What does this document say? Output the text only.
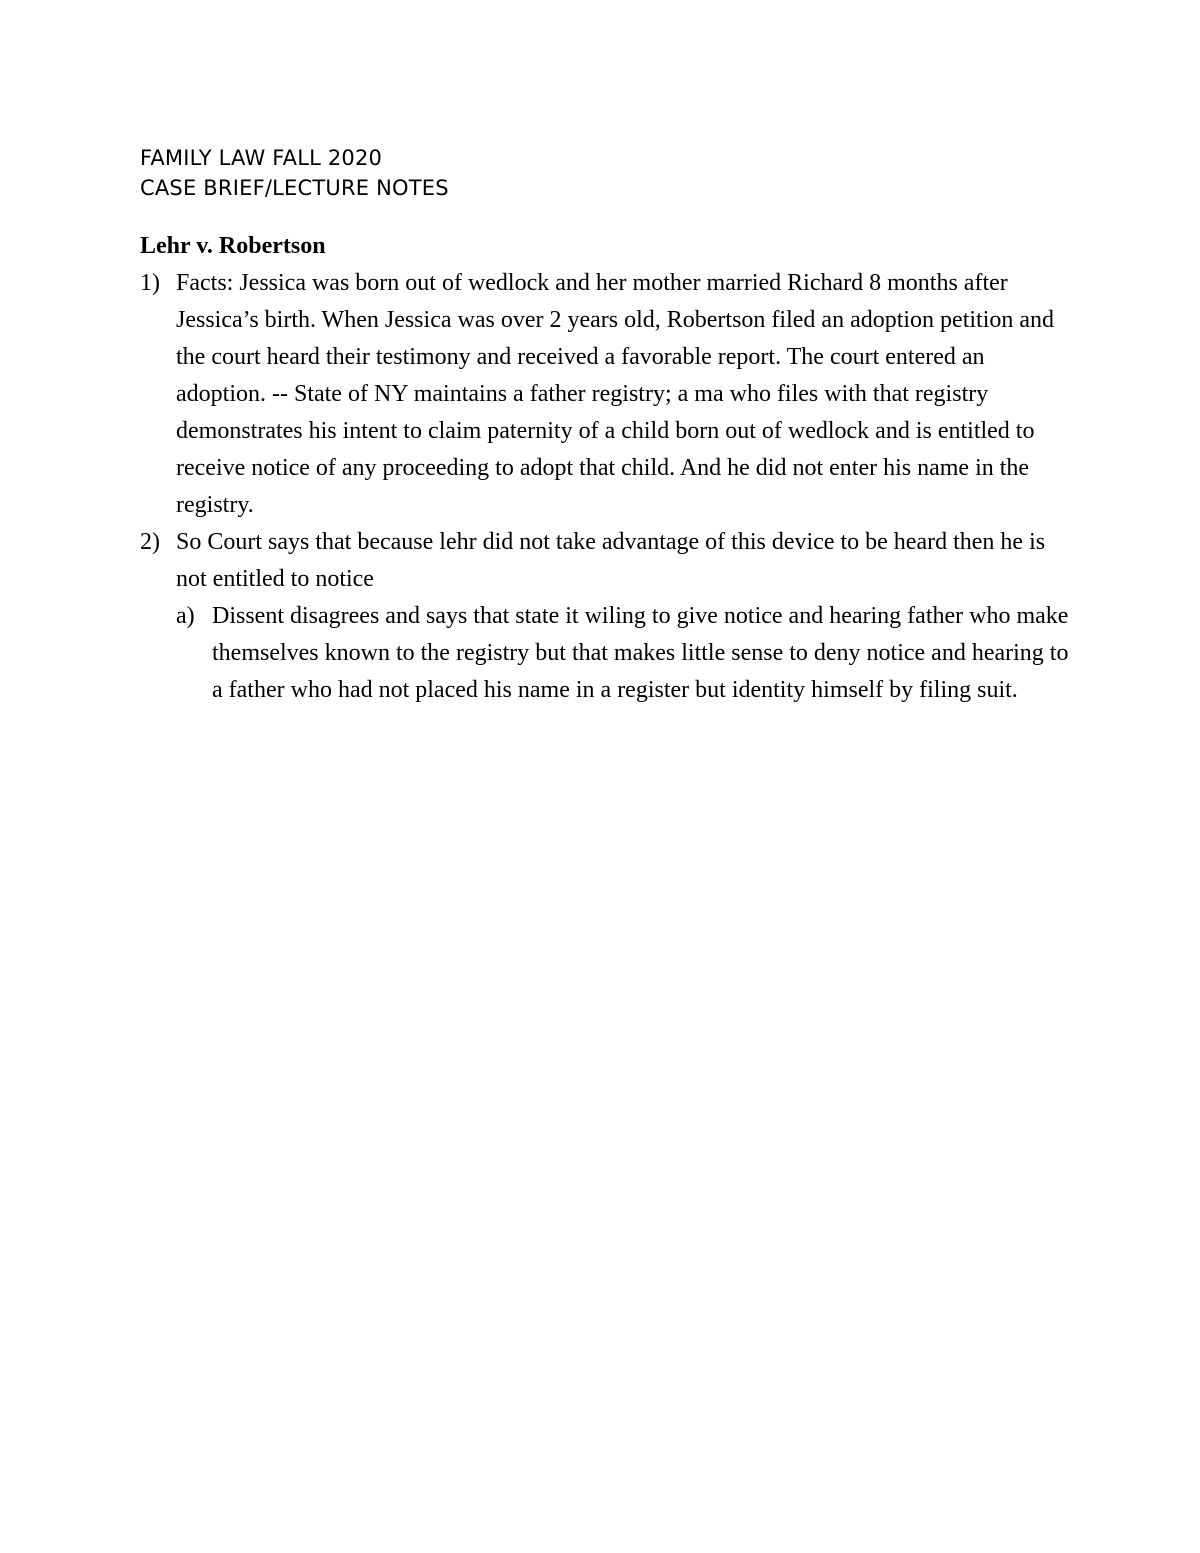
FAMILY LAW FALL 2020
CASE BRIEF/LECTURE NOTES
Lehr v. Robertson
1) Facts: Jessica was born out of wedlock and her mother married Richard 8 months after Jessica’s birth. When Jessica was over 2 years old, Robertson filed an adoption petition and the court heard their testimony and received a favorable report. The court entered an adoption. -- State of NY maintains a father registry; a ma who files with that registry demonstrates his intent to claim paternity of a child born out of wedlock and is entitled to receive notice of any proceeding to adopt that child. And he did not enter his name in the registry.
2) So Court says that because lehr did not take advantage of this device to be heard then he is not entitled to notice
a) Dissent disagrees and says that state it wiling to give notice and hearing father who make themselves known to the registry but that makes little sense to deny notice and hearing to a father who had not placed his name in a register but identity himself by filing suit.
